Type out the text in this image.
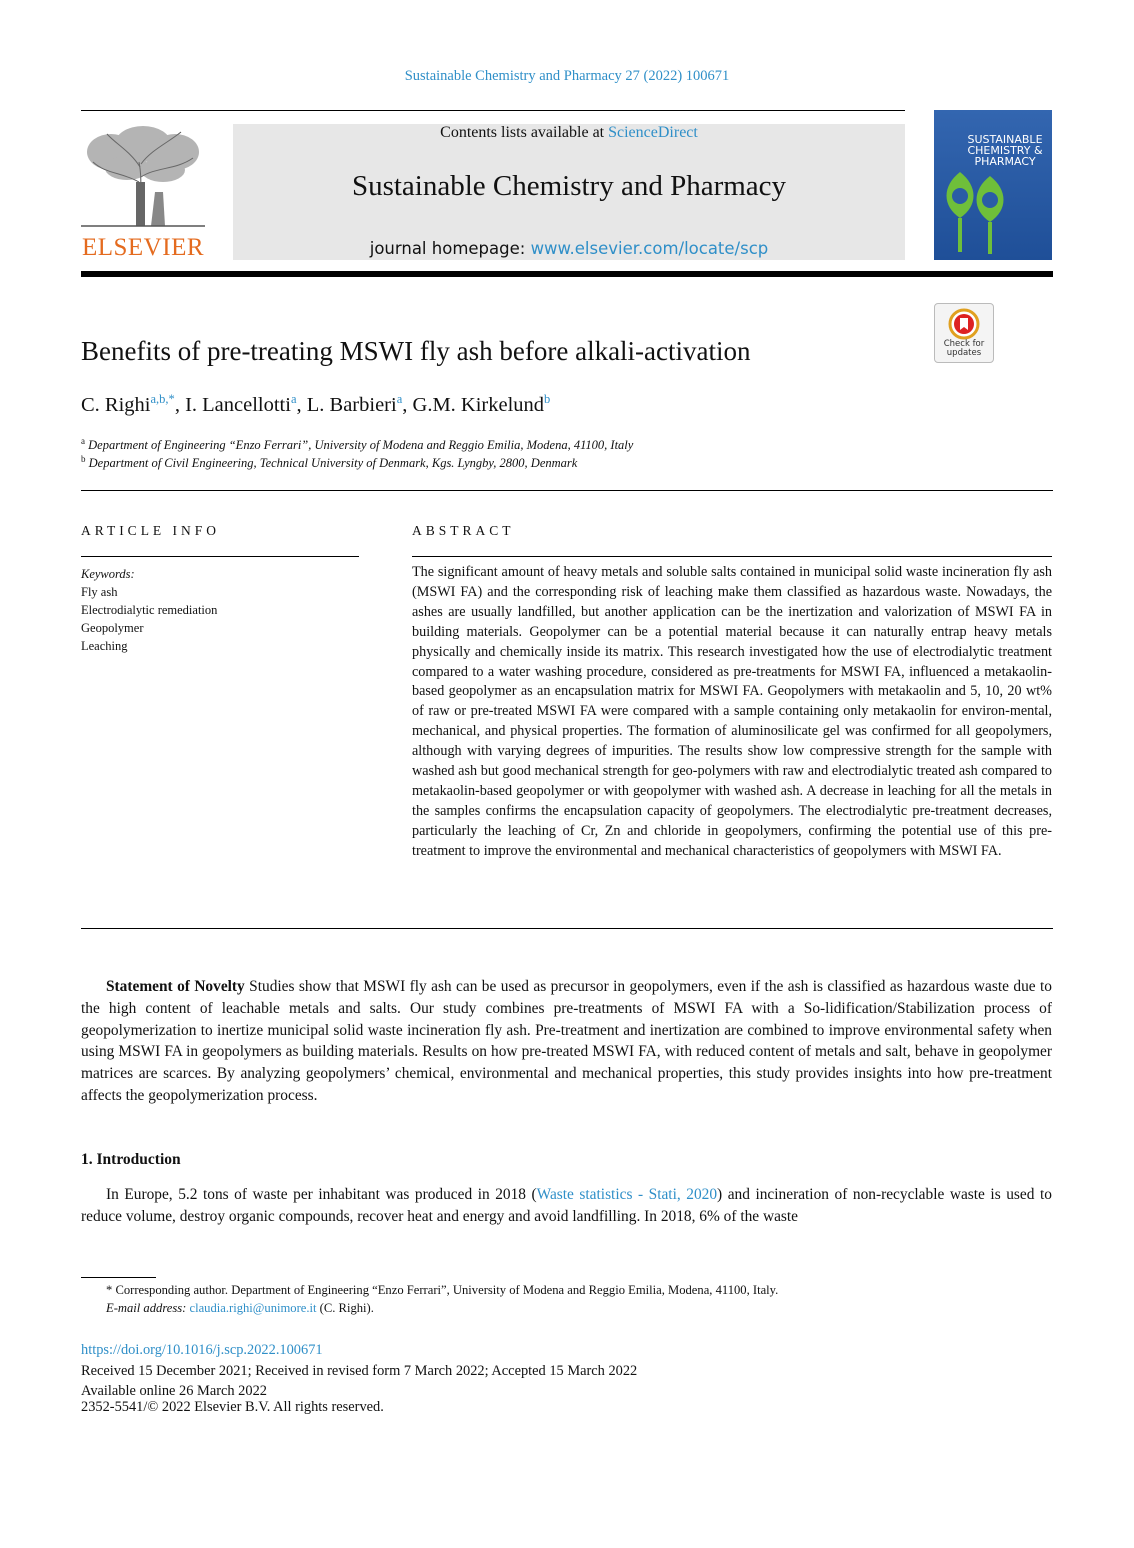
Sustainable Chemistry and Pharmacy 27 (2022) 100671
ELSEVIER
Contents lists available at ScienceDirect
Sustainable Chemistry and Pharmacy
journal homepage: www.elsevier.com/locate/scp
SUSTAINABLE CHEMISTRY & PHARMACY
Check for updates
Benefits of pre-treating MSWI fly ash before alkali-activation
C. Righi$^{a,b,*}$, I. Lancellotti$^a$, L. Barbieri$^a$, G.M. Kirkelund$^b$
$^a$ Department of Engineering “Enzo Ferrari”, University of Modena and Reggio Emilia, Modena, 41100, Italy
$^b$ Department of Civil Engineering, Technical University of Denmark, Kgs. Lyngby, 2800, Denmark
ARTICLE INFO
Keywords:
Fly ash
Electrodialytic remediation
Geopolymer
Leaching
ABSTRACT
The significant amount of heavy metals and soluble salts contained in municipal solid waste incineration fly ash (MSWI FA) and the corresponding risk of leaching make them classified as hazardous waste. Nowadays, the ashes are usually landfilled, but another application can be the inertization and valorization of MSWI FA in building materials. Geopolymer can be a potential material because it can naturally entrap heavy metals physically and chemically inside its matrix. This research investigated how the use of electrodialytic treatment compared to a water washing procedure, considered as pre-treatments for MSWI FA, influenced a metakaolin-based geopolymer as an encapsulation matrix for MSWI FA. Geopolymers with metakaolin and 5, 10, 20 wt% of raw or pre-treated MSWI FA were compared with a sample containing only metakaolin for environ-mental, mechanical, and physical properties. The formation of aluminosilicate gel was confirmed for all geopolymers, although with varying degrees of impurities. The results show low compressive strength for the sample with washed ash but good mechanical strength for geo-polymers with raw and electrodialytic treated ash compared to metakaolin-based geopolymer or with geopolymer with washed ash. A decrease in leaching for all the metals in the samples confirms the encapsulation capacity of geopolymers. The electrodialytic pre-treatment decreases, particularly the leaching of Cr, Zn and chloride in geopolymers, confirming the potential use of this pre-treatment to improve the environmental and mechanical characteristics of geopolymers with MSWI FA.
Statement of Novelty Studies show that MSWI fly ash can be used as precursor in geopolymers, even if the ash is classified as hazardous waste due to the high content of leachable metals and salts. Our study combines pre-treatments of MSWI FA with a So-lidification/Stabilization process of geopolymerization to inertize municipal solid waste incineration fly ash. Pre-treatment and inertization are combined to improve environmental safety when using MSWI FA in geopolymers as building materials. Results on how pre-treated MSWI FA, with reduced content of metals and salt, behave in geopolymer matrices are scarces. By analyzing geopolymers’ chemical, environmental and mechanical properties, this study provides insights into how pre-treatment affects the geopolymerization process.
1. Introduction
In Europe, 5.2 tons of waste per inhabitant was produced in 2018 (Waste statistics - Stati, 2020) and incineration of non-recyclable waste is used to reduce volume, destroy organic compounds, recover heat and energy and avoid landfilling. In 2018, 6% of the waste
* Corresponding author. Department of Engineering “Enzo Ferrari”, University of Modena and Reggio Emilia, Modena, 41100, Italy.
E-mail address: claudia.righi@unimore.it (C. Righi).
https://doi.org/10.1016/j.scp.2022.100671
Received 15 December 2021; Received in revised form 7 March 2022; Accepted 15 March 2022
Available online 26 March 2022
2352-5541/© 2022 Elsevier B.V. All rights reserved.
